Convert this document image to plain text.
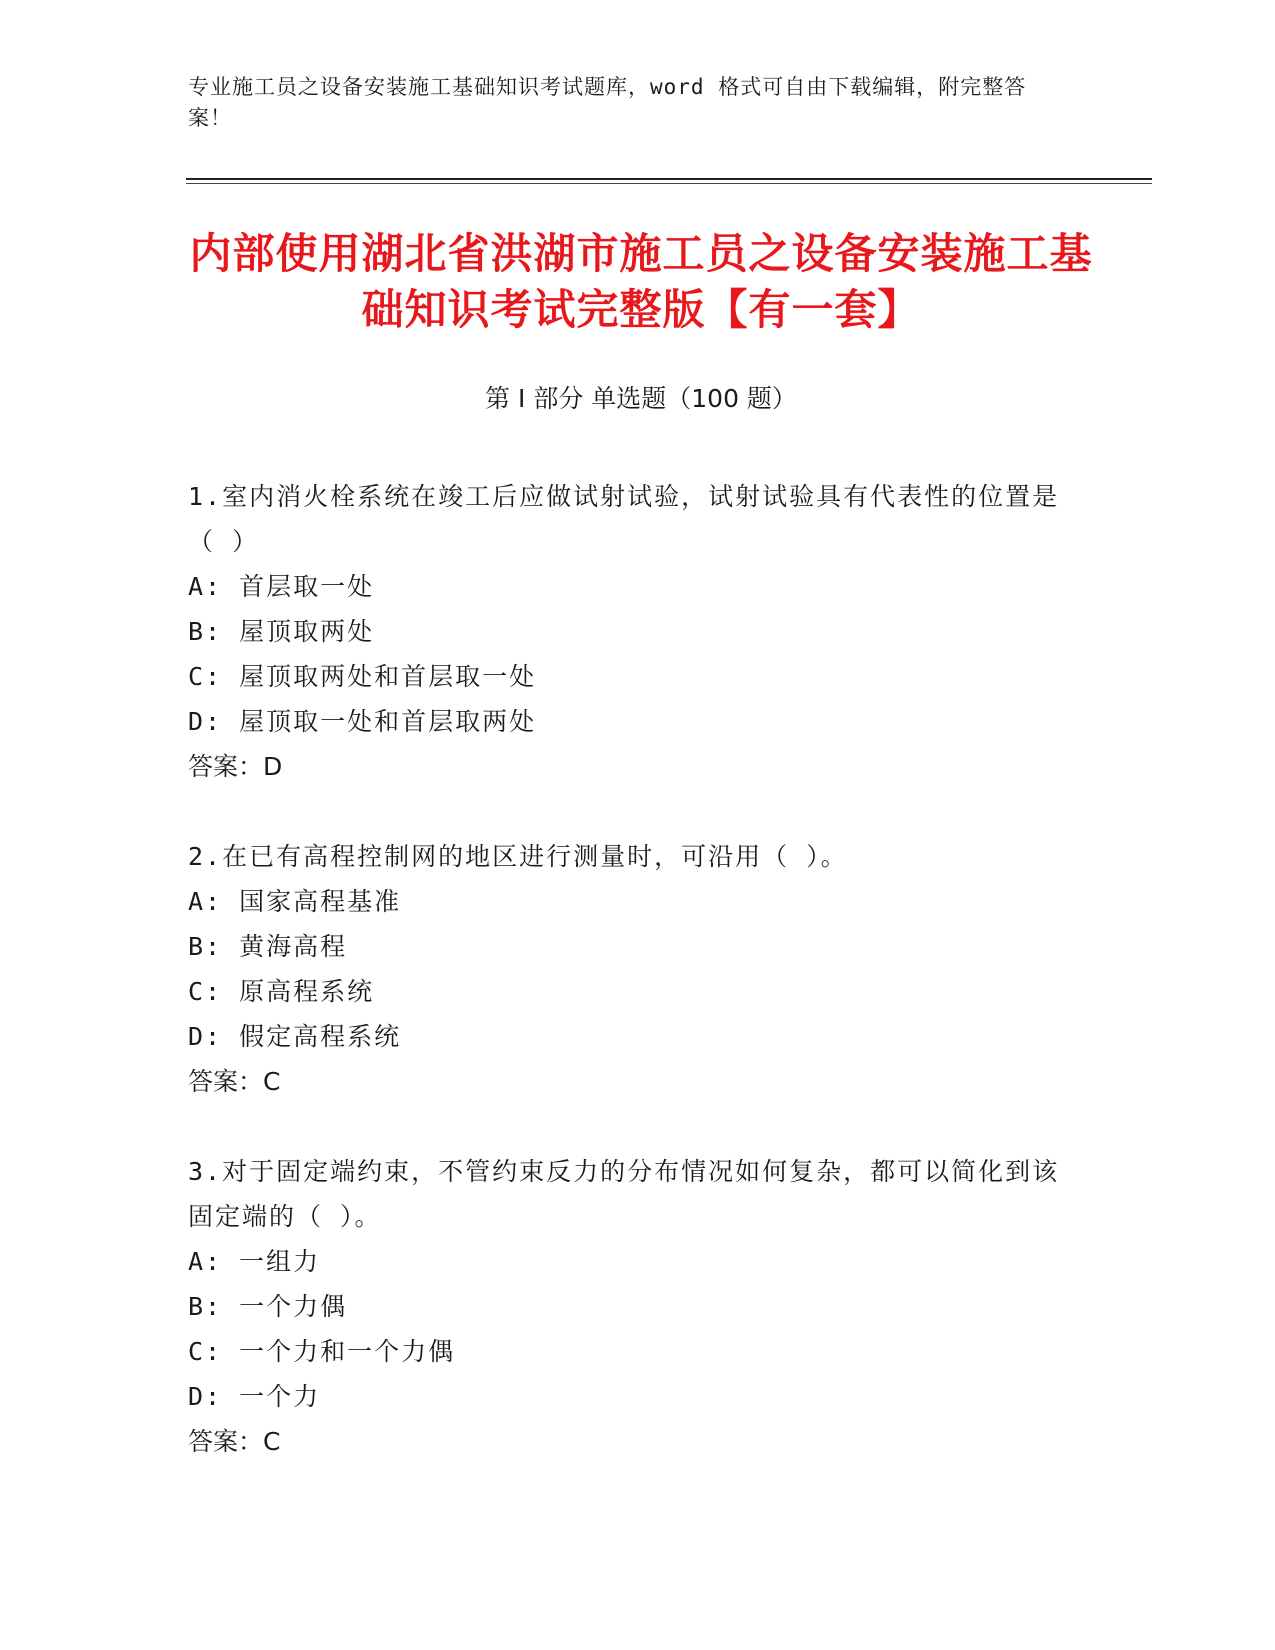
专业施工员之设备安装施工基础知识考试题库，word 格式可自由下载编辑，附完整答案！
内部使用湖北省洪湖市施工员之设备安装施工基础知识考试完整版【有一套】
第 I 部分 单选题（100 题）
1.室内消火栓系统在竣工后应做试射试验，试射试验具有代表性的位置是（ ）
A: 首层取一处
B: 屋顶取两处
C: 屋顶取两处和首层取一处
D: 屋顶取一处和首层取两处
答案：D
2.在已有高程控制网的地区进行测量时，可沿用（ ）。
A: 国家高程基准
B: 黄海高程
C: 原高程系统
D: 假定高程系统
答案：C
3.对于固定端约束，不管约束反力的分布情况如何复杂，都可以简化到该固定端的（ ）。
A: 一组力
B: 一个力偶
C: 一个力和一个力偶
D: 一个力
答案：C
